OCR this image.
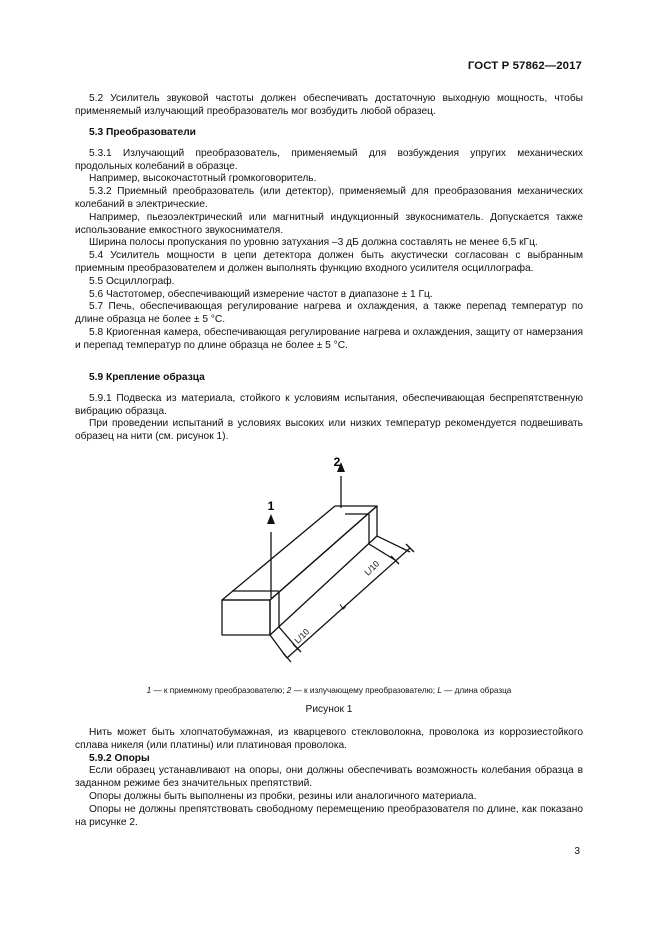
ГОСТ Р 57862—2017

5.2 Усилитель звуковой частоты должен обеспечивать достаточную выходную мощность, чтобы применяемый излучающий преобразователь мог возбудить любой образец.

5.3 Преобразователи

5.3.1 Излучающий преобразователь, применяемый для возбуждения упругих механических продольных колебаний в образце.

Например, высокочастотный громкоговоритель.

5.3.2 Приемный преобразователь (или детектор), применяемый для преобразования механических колебаний в электрические.

Например, пьезоэлектрический или магнитный индукционный звукосниматель. Допускается также использование емкостного звукоснимателя.

Ширина полосы пропускания по уровню затухания –3 дБ должна составлять не менее 6,5 кГц.

5.4 Усилитель мощности в цепи детектора должен быть акустически согласован с выбранным приемным преобразователем и должен выполнять функцию входного усилителя осциллографа.

5.5 Осциллограф.

5.6 Частотомер, обеспечивающий измерение частот в диапазоне ± 1 Гц.

5.7 Печь, обеспечивающая регулирование нагрева и охлаждения, а также перепад температур по длине образца не более ± 5 °С.

5.8 Криогенная камера, обеспечивающая регулирование нагрева и охлаждения, защиту от намерзания и перепад температур по длине образца не более ± 5 °С.

5.9 Крепление образца

5.9.1 Подвеска из материала, стойкого к условиям испытания, обеспечивающая беспрепятственную вибрацию образца.

При проведении испытаний в условиях высоких или низких температур рекомендуется подвешивать образец на нити (см. рисунок 1).

1
2
L/10
L/10
L
1 — к приемному преобразователю; 2 — к излучающему преобразователю; L — длина образца
Рисунок 1

Нить может быть хлопчатобумажная, из кварцевого стекловолокна, проволока из коррозиестойкого сплава никеля (или платины) или платиновая проволока.

5.9.2 Опоры

Если образец устанавливают на опоры, они должны обеспечивать возможность колебания образца в заданном режиме без значительных препятствий.

Опоры должны быть выполнены из пробки, резины или аналогичного материала.

Опоры не должны препятствовать свободному перемещению преобразователя по длине, как показано на рисунке 2.

3
